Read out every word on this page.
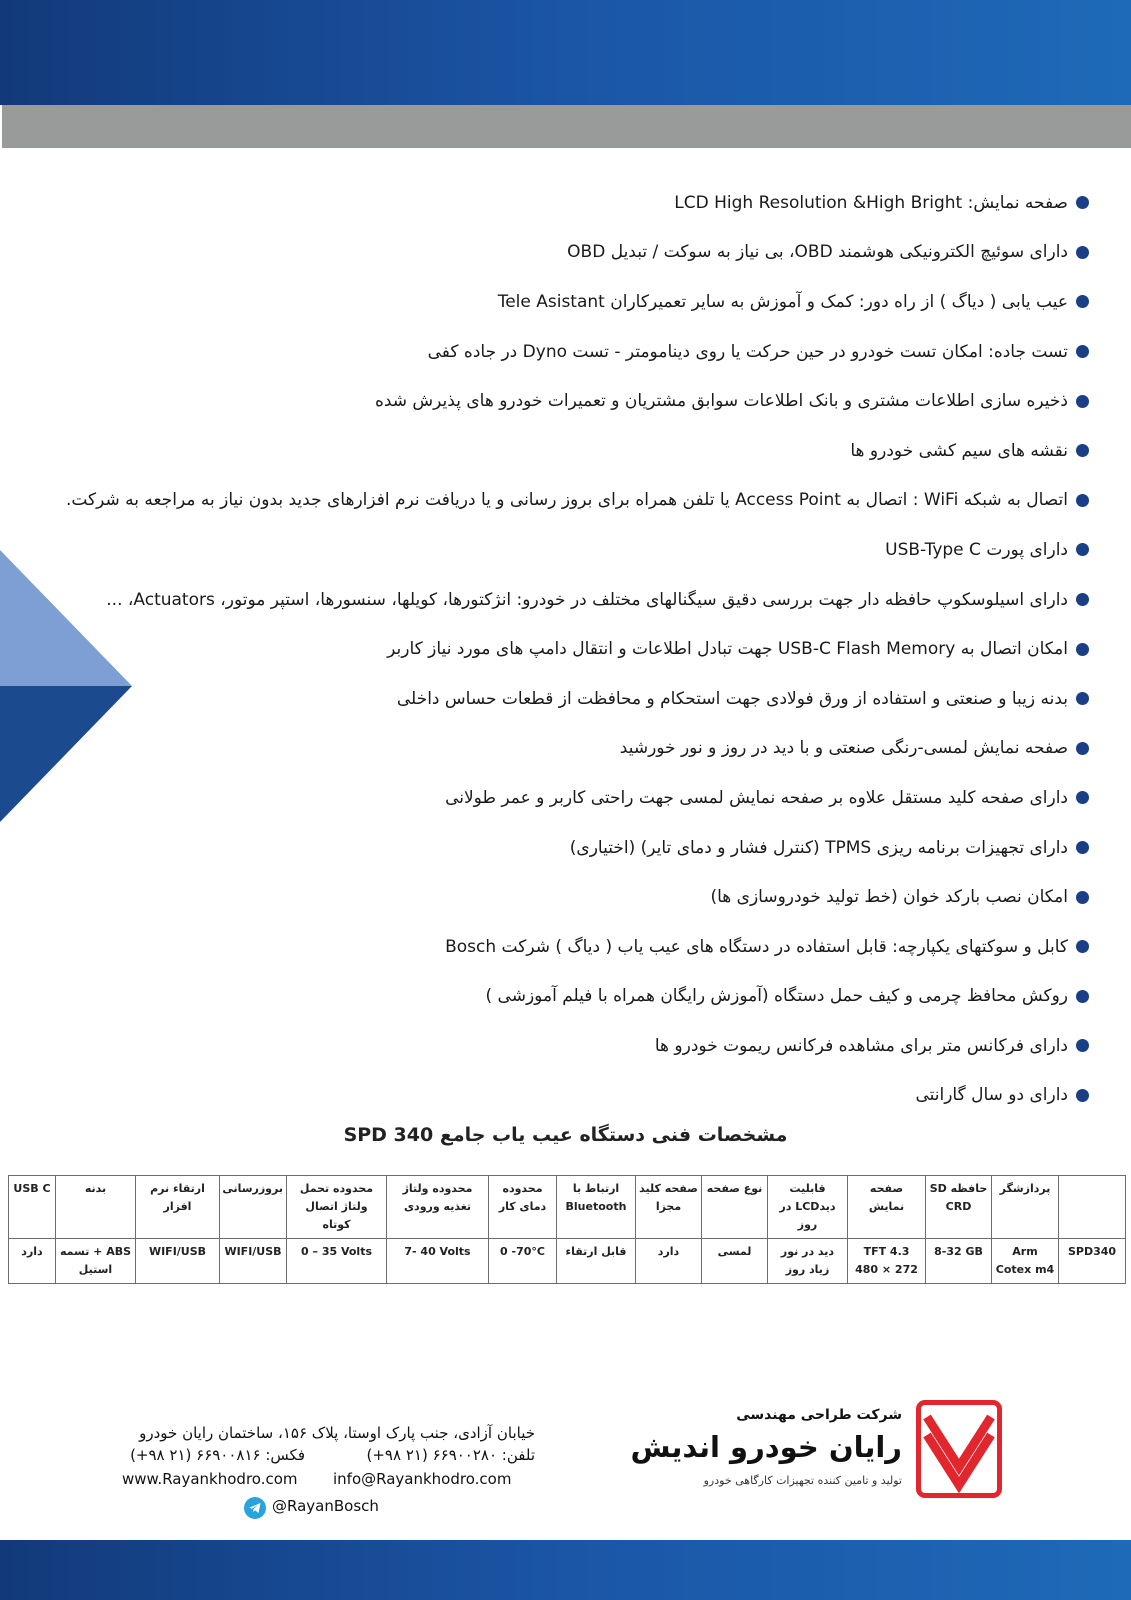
صفحه نمایش: LCD High Resolution &High Bright
دارای سوئیچ الکترونیکی هوشمند OBD، بی نیاز به سوکت / تبدیل OBD
عیب یابی ( دیاگ ) از راه دور: کمک و آموزش به سایر تعمیرکاران Tele Asistant
تست جاده: امکان تست خودرو در حین حرکت یا روی دینامومتر - تست Dyno در جاده کفی
ذخیره سازی اطلاعات مشتری و بانک اطلاعات سوابق مشتریان و تعمیرات خودرو های پذیرش شده
نقشه های سیم کشی خودرو ها
اتصال به شبکه WiFi : اتصال به Access Point یا تلفن همراه برای بروز رسانی و یا دریافت نرم افزارهای جدید بدون نیاز به مراجعه به شرکت.
دارای پورت USB-Type C
دارای اسیلوسکوپ حافظه دار جهت بررسی دقیق سیگنالهای مختلف در خودرو: انژکتورها، کویلها، سنسورها، استپر موتور، Actuators، ...
امکان اتصال به USB-C Flash Memory جهت تبادل اطلاعات و انتقال دامپ های مورد نیاز کاربر
بدنه زیبا و صنعتی و استفاده از ورق فولادی جهت استحکام و محافظت از قطعات حساس داخلی
صفحه نمایش لمسی-رنگی صنعتی و با دید در روز و نور خورشید
دارای صفحه کلید مستقل علاوه بر صفحه نمایش لمسی جهت راحتی کاربر و عمر طولانی
دارای تجهیزات برنامه ریزی TPMS (کنترل فشار و دمای تایر) (اختیاری)
امکان نصب بارکد خوان (خط تولید خودروسازی ها)
کابل و سوکتهای یکپارچه: قابل استفاده در دستگاه های عیب یاب ( دیاگ ) شرکت Bosch
روکش محافظ چرمی و کیف حمل دستگاه (آموزش رایگان همراه با فیلم آموزشی )
دارای فرکانس متر برای مشاهده فرکانس ریموت خودرو ها
دارای دو سال گارانتی
مشخصات فنی دستگاه عیب یاب جامع SPD 340
USB C	بدنه	ارتقاء نرم افزار	بروزرسانی	محدوده تحمل ولتاژ اتصال کوتاه	محدوده ولتاژ تغذیه ورودی	محدوده دمای کار	ارتباط با Bluetooth	صفحه کلید مجزا	نوع صفحه	قابلیت دیدLCD در روز	صفحه نمایش	حافظه SD CRD	پردازشگر	
دارد	ABS + تسمه استیل	WIFI/USB	WIFI/USB	0 – 35 Volts	7- 40 Volts	0 -70°C	قابل ارتقاء	دارد	لمسی	دید در نور زیاد روز	TFT 4.3 480 × 272	8-32 GB	Arm Cotex m4	SPD340
شرکت طراحی مهندسی
رایان خودرو اندیش
تولید و تامین کننده تجهیزات کارگاهی خودرو
خیابان آزادی، جنب پارک اوستا، پلاک ۱۵۶، ساختمان رایان خودرو
تلفن: ۶۶۹۰۰۲۸۰ (۲۱ ۹۸+)
فکس: ۶۶۹۰۰۸۱۶ (۲۱ ۹۸+)
www.Rayankhodro.com info@Rayankhodro.com
@RayanBosch
